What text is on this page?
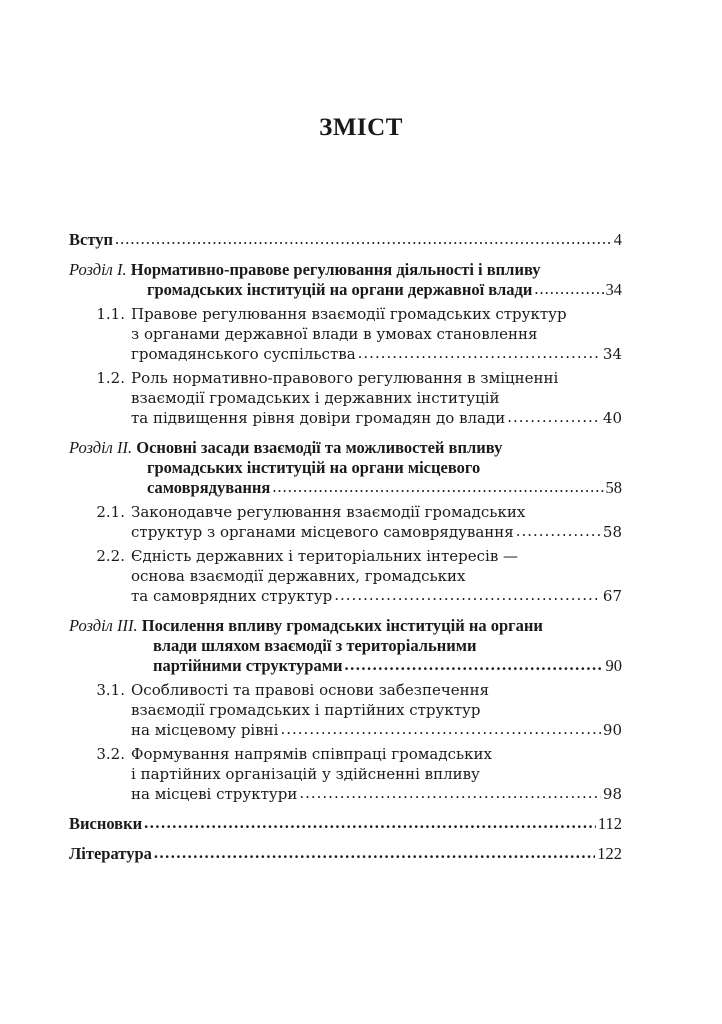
ЗМІСТ
Вступ .....	4
Розділ I.
Нормативно-правове регулювання діяльності і впливу
громадських інституцій на органи державної влади .....	34
1.1. Правове регулювання взаємодії громадських структур
з органами державної влади в умовах становлення
громадянського суспільства .....	34
1.2. Роль нормативно-правового регулювання в зміцненні
взаємодії громадських і державних інституцій
та підвищення рівня довіри громадян до влади .....	40
Розділ II.
Основні засади взаємодії та можливостей впливу
громадських інституцій на органи місцевого
самоврядування .....	58
2.1. Законодавче регулювання взаємодії громадських
структур з органами місцевого самоврядування .....	58
2.2. Єдність державних і територіальних інтересів —
основа взаємодії державних, громадських
та самоврядних структур .....	67
Розділ III.
Посилення впливу громадських інституцій на органи
влади шляхом взаємодії з територіальними
партійними структурами .....	90
3.1. Особливості та правові основи забезпечення
взаємодії громадських і партійних структур
на місцевому рівні .....	90
3.2. Формування напрямів співпраці громадських
і партійних організацій у здійсненні впливу
на місцеві структури .....	98
Висновки .....	112
Література .....	122
